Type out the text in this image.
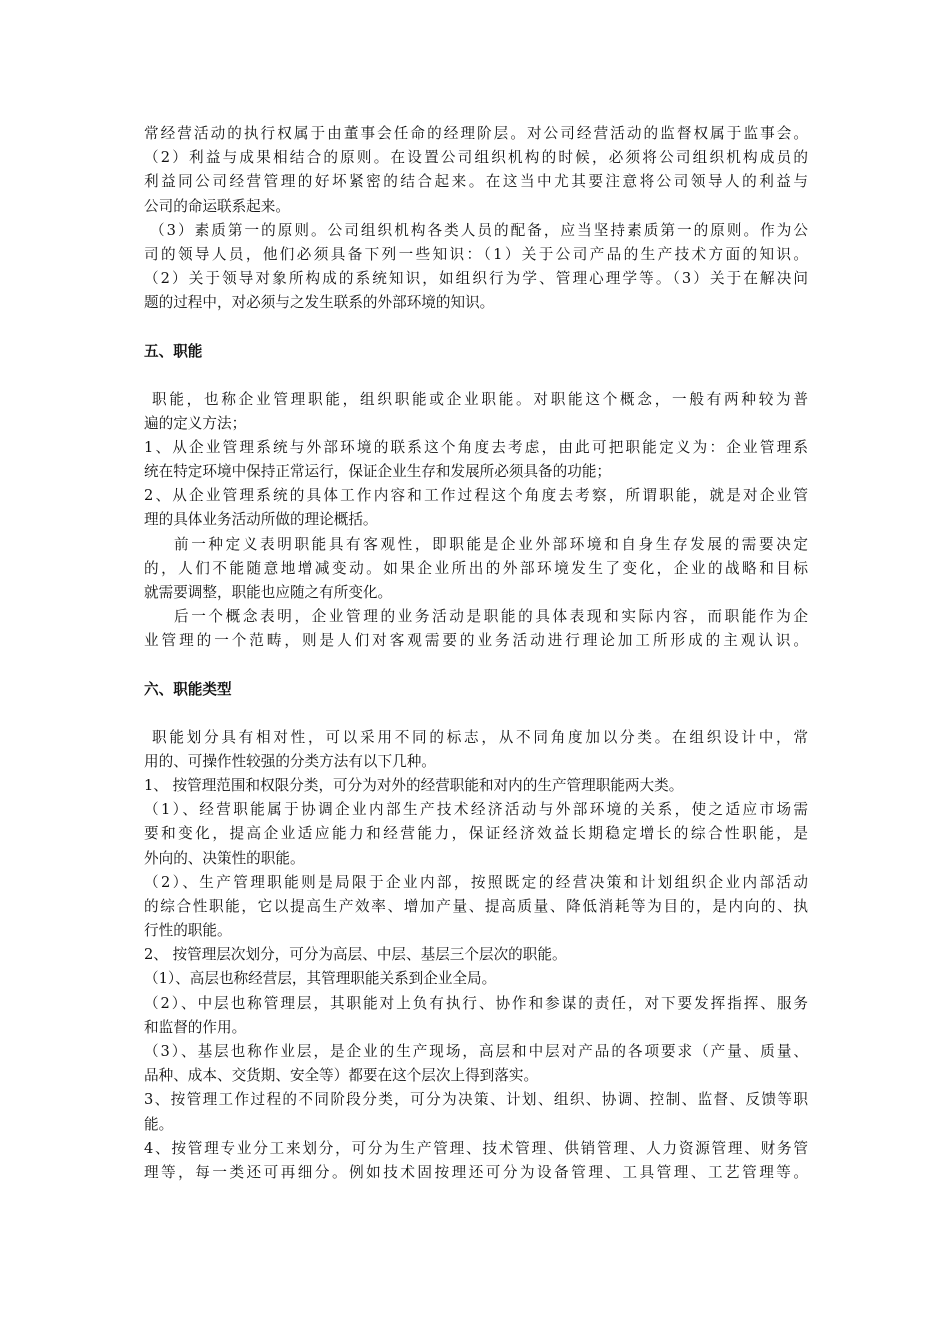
常经营活动的执行权属于由董事会任命的经理阶层。对公司经营活动的监督权属于监事会。
（2）利益与成果相结合的原则。在设置公司组织机构的时候，必须将公司组织机构成员的
利益同公司经营管理的好坏紧密的结合起来。在这当中尤其要注意将公司领导人的利益与
公司的命运联系起来。
（3）素质第一的原则。公司组织机构各类人员的配备，应当坚持素质第一的原则。作为公
司的领导人员，他们必须具备下列一些知识：（1）关于公司产品的生产技术方面的知识。
（2）关于领导对象所构成的系统知识，如组织行为学、管理心理学等。（3）关于在解决问
题的过程中，对必须与之发生联系的外部环境的知识。
五、职能
职能，也称企业管理职能，组织职能或企业职能。对职能这个概念，一般有两种较为普
遍的定义方法；
1、从企业管理系统与外部环境的联系这个角度去考虑，由此可把职能定义为：企业管理系
统在特定环境中保持正常运行，保证企业生存和发展所必须具备的功能；
2、从企业管理系统的具体工作内容和工作过程这个角度去考察，所谓职能，就是对企业管
理的具体业务活动所做的理论概括。
前一种定义表明职能具有客观性，即职能是企业外部环境和自身生存发展的需要决定
的，人们不能随意地增减变动。如果企业所出的外部环境发生了变化，企业的战略和目标
就需要调整，职能也应随之有所变化。
后一个概念表明，企业管理的业务活动是职能的具体表现和实际内容，而职能作为企
业管理的一个范畴，则是人们对客观需要的业务活动进行理论加工所形成的主观认识。
六、职能类型
职能划分具有相对性，可以采用不同的标志，从不同角度加以分类。在组织设计中，常
用的、可操作性较强的分类方法有以下几种。
1、 按管理范围和权限分类，可分为对外的经营职能和对内的生产管理职能两大类。
（1）、经营职能属于协调企业内部生产技术经济活动与外部环境的关系，使之适应市场需
要和变化，提高企业适应能力和经营能力，保证经济效益长期稳定增长的综合性职能，是
外向的、决策性的职能。
（2）、生产管理职能则是局限于企业内部，按照既定的经营决策和计划组织企业内部活动
的综合性职能，它以提高生产效率、增加产量、提高质量、降低消耗等为目的，是内向的、执
行性的职能。
2、 按管理层次划分，可分为高层、中层、基层三个层次的职能。
（1）、高层也称经营层，其管理职能关系到企业全局。
（2）、中层也称管理层，其职能对上负有执行、协作和参谋的责任，对下要发挥指挥、服务
和监督的作用。
（3）、基层也称作业层，是企业的生产现场，高层和中层对产品的各项要求（产量、质量、
品种、成本、交货期、安全等）都要在这个层次上得到落实。
3、按管理工作过程的不同阶段分类，可分为决策、计划、组织、协调、控制、监督、反馈等职
能。
4、按管理专业分工来划分，可分为生产管理、技术管理、供销管理、人力资源管理、财务管
理等，每一类还可再细分。例如技术固按理还可分为设备管理、工具管理、工艺管理等。
